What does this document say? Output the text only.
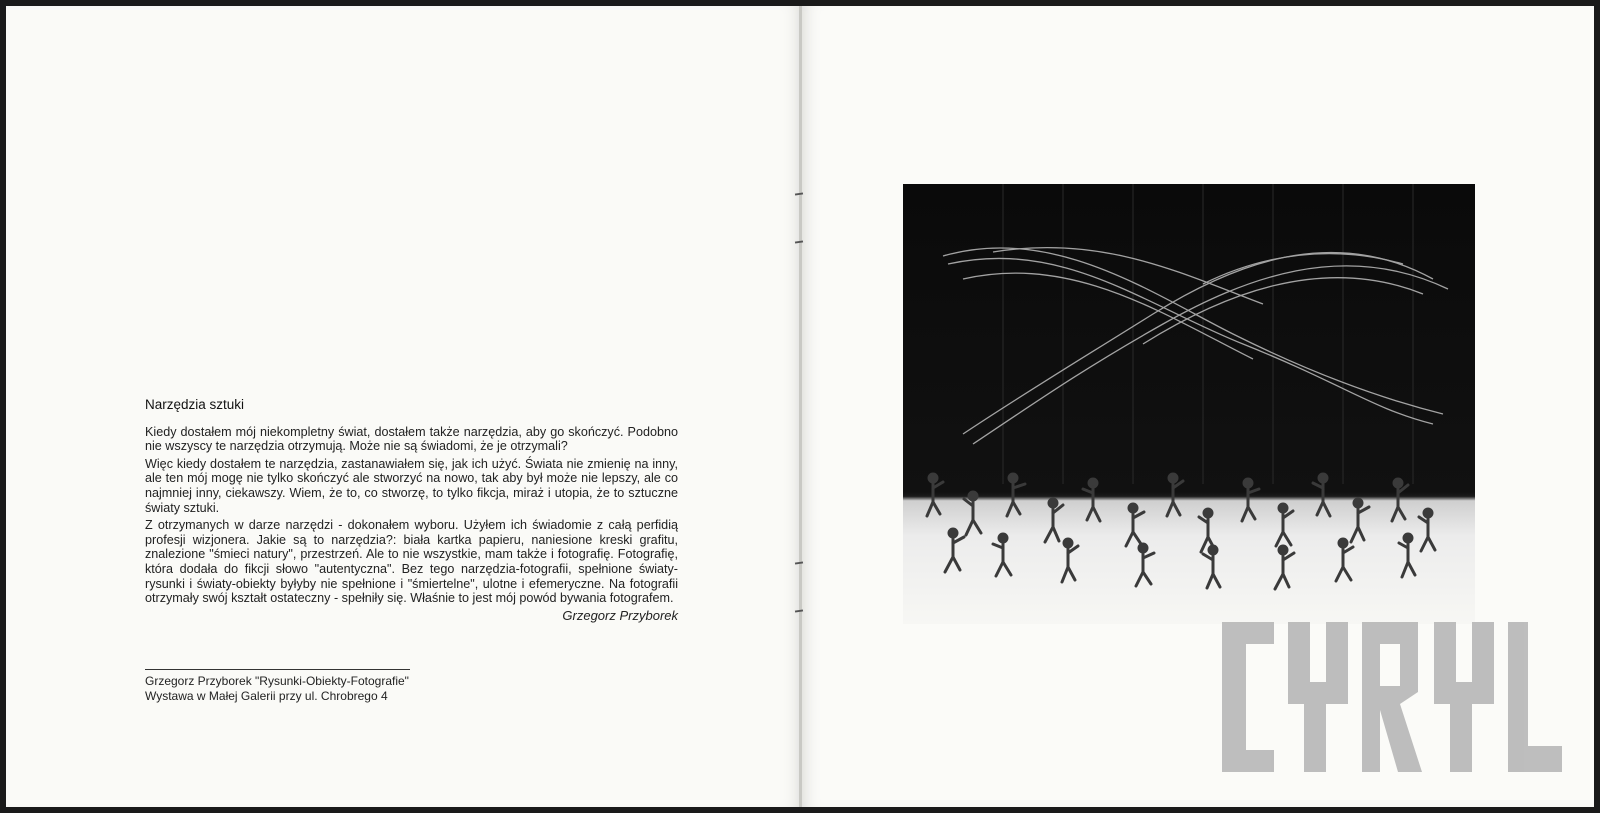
Narzędzia sztuki

Kiedy dostałem mój niekompletny świat, dostałem także narzędzia, aby go skończyć. Podobno nie wszyscy te narzędzia otrzymują. Może nie są świadomi, że je otrzymali?

Więc kiedy dostałem te narzędzia, zastanawiałem się, jak ich użyć. Świata nie zmienię na inny, ale ten mój mogę nie tylko skończyć ale stworzyć na nowo, tak aby był może nie lepszy, ale co najmniej inny, ciekawszy. Wiem, że to, co stworzę, to tylko fikcja, miraż i utopia, że to sztuczne światy sztuki.

Z otrzymanych w darze narzędzi - dokonałem wyboru. Użyłem ich świadomie z całą perfidią profesji wizjonera. Jakie są to narzędzia?: biała kartka papieru, naniesione kreski grafitu, znalezione "śmieci natury", przestrzeń. Ale to nie wszystkie, mam także i fotografię. Fotografię, która dodała do fikcji słowo "autentyczna". Bez tego narzędzia-fotografii, spełnione światy-rysunki i światy-obiekty byłyby nie spełnione i "śmiertelne", ulotne i efemeryczne. Na fotografii otrzymały swój kształt ostateczny - spełniły się. Właśnie to jest mój powód bywania fotografem.

Grzegorz Przyborek
Grzegorz Przyborek "Rysunki-Obiekty-Fotografie"
Wystawa w Małej Galerii przy ul. Chrobrego 4
